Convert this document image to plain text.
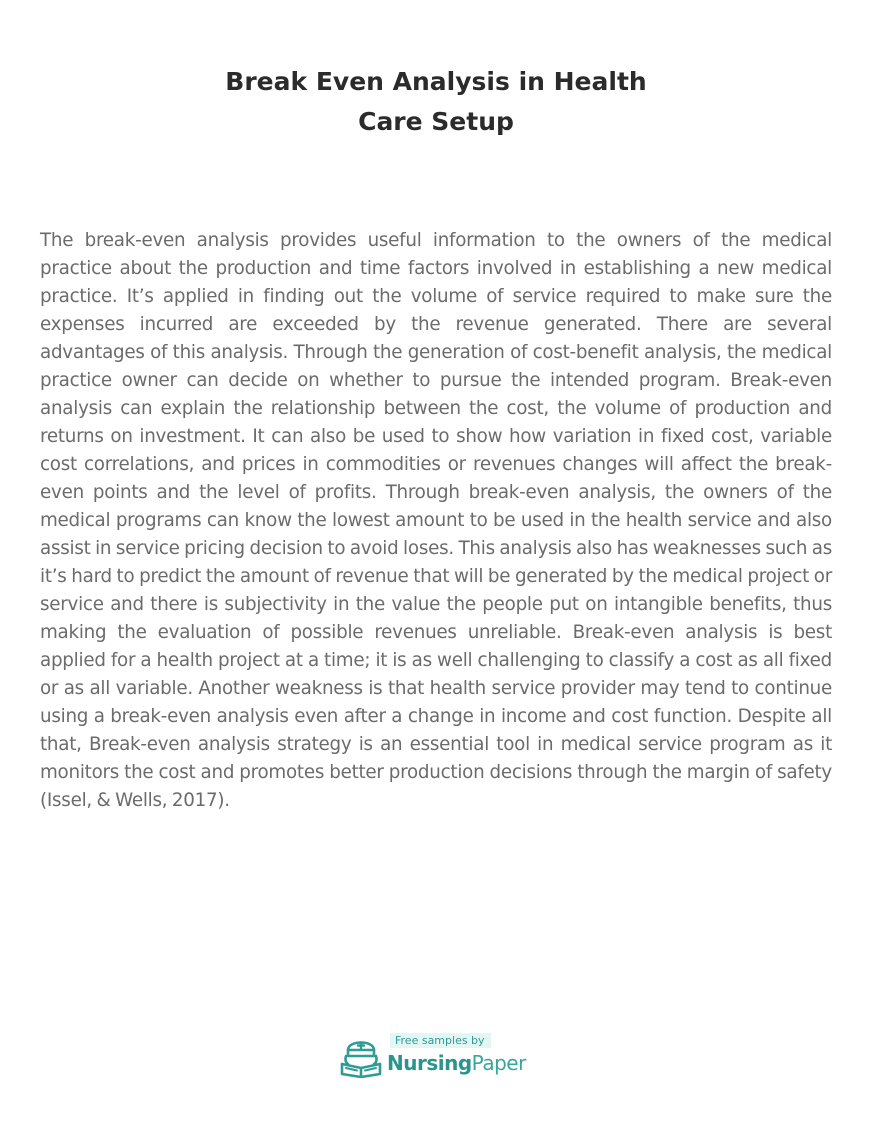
Break Even Analysis in Health
Care Setup

The break-even analysis provides useful information to the owners of the medical practice about the production and time factors involved in establishing a new medical practice. It’s applied in finding out the volume of service required to make sure the expenses incurred are exceeded by the revenue generated. There are several advantages of this analysis. Through the generation of cost-benefit analysis, the medical practice owner can decide on whether to pursue the intended program. Break-even analysis can explain the relationship between the cost, the volume of production and returns on investment. It can also be used to show how variation in fixed cost, variable cost correlations, and prices in commodities or revenues changes will affect the break-even points and the level of profits. Through break-even analysis, the owners of the medical programs can know the lowest amount to be used in the health service and also assist in service pricing decision to avoid loses. This analysis also has weaknesses such as it’s hard to predict the amount of revenue that will be generated by the medical project or service and there is subjectivity in the value the people put on intangible benefits, thus making the evaluation of possible revenues unreliable. Break-even analysis is best applied for a health project at a time; it is as well challenging to classify a cost as all fixed or as all variable. Another weakness is that health service provider may tend to continue using a break-even analysis even after a change in income and cost function. Despite all that, Break-even analysis strategy is an essential tool in medical service program as it monitors the cost and promotes better production decisions through the margin of safety (Issel, & Wells, 2017).

Free samples by
NursingPaper
